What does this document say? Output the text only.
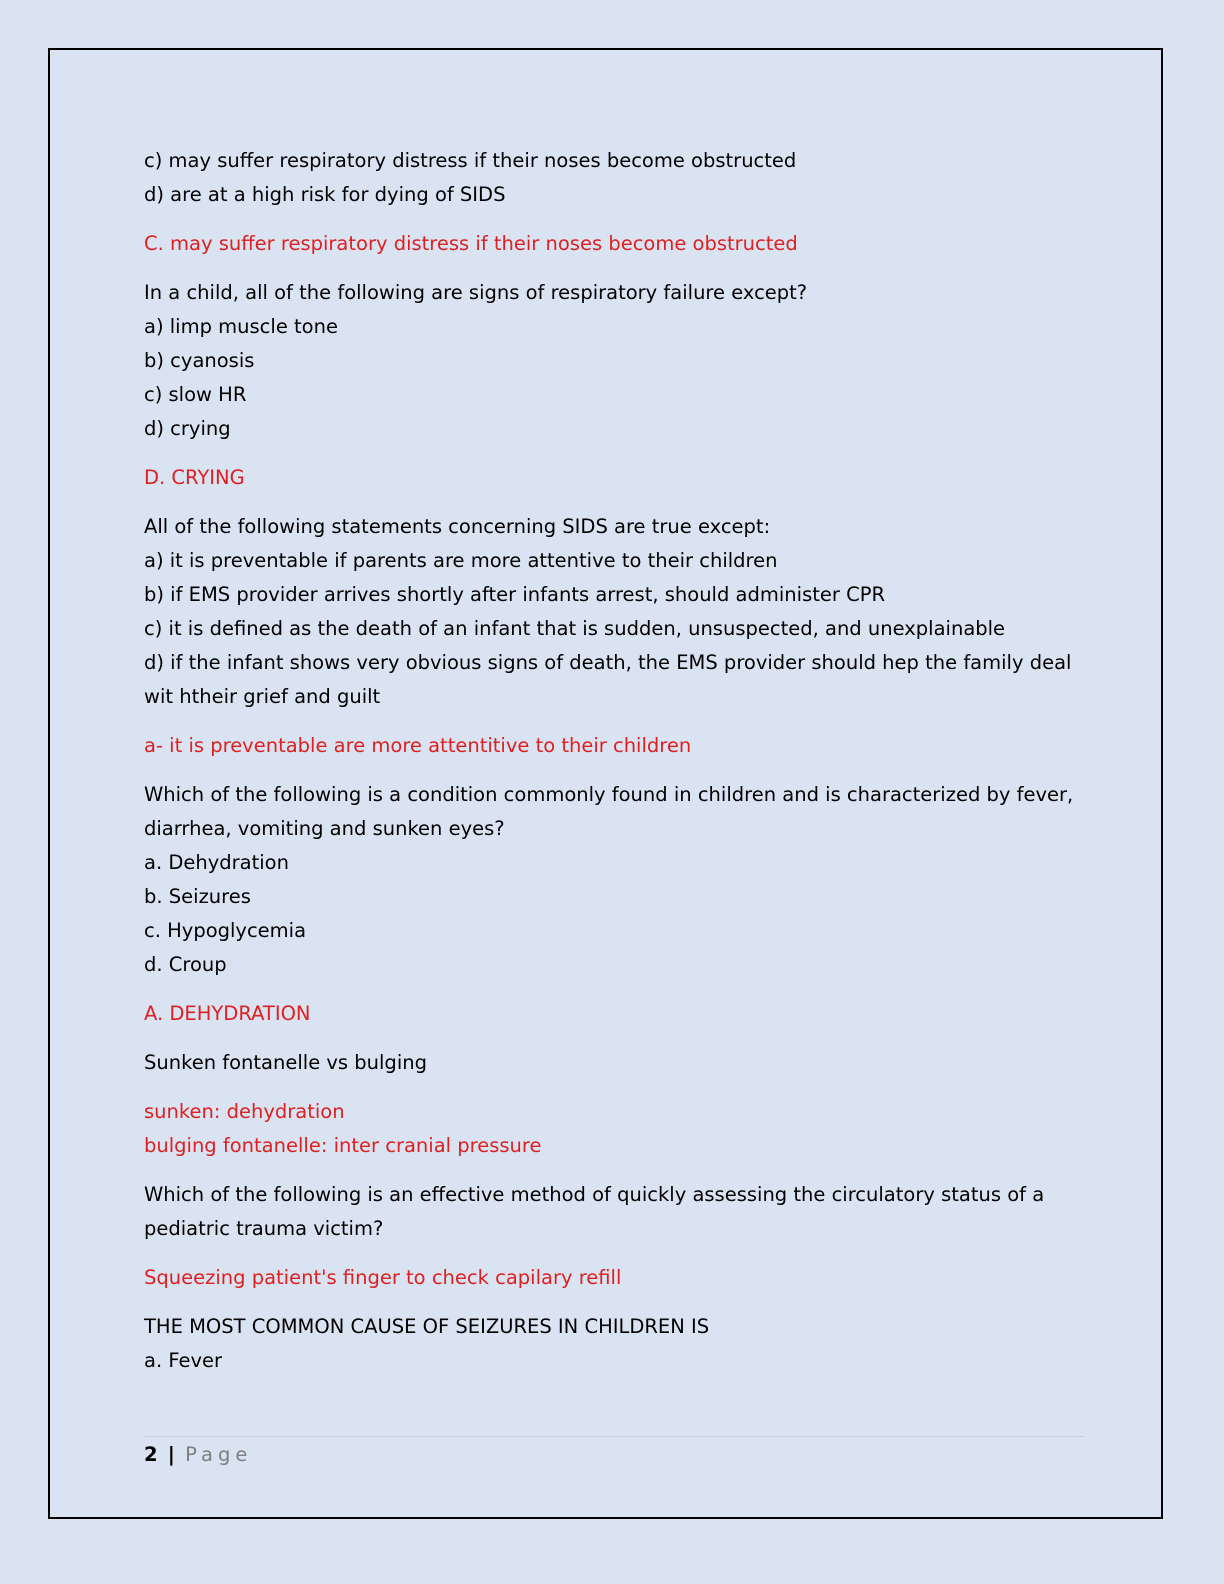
c) may suffer respiratory distress if their noses become obstructed
d) are at a high risk for dying of SIDS
C. may suffer respiratory distress if their noses become obstructed
In a child, all of the following are signs of respiratory failure except?
a) limp muscle tone
b) cyanosis
c) slow HR
d) crying
D. CRYING
All of the following statements concerning SIDS are true except:
a) it is preventable if parents are more attentive to their children
b) if EMS provider arrives shortly after infants arrest, should administer CPR
c) it is defined as the death of an infant that is sudden, unsuspected, and unexplainable
d) if the infant shows very obvious signs of death, the EMS provider should hep the family deal wit htheir grief and guilt
a- it is preventable are more attentitive to their children
Which of the following is a condition commonly found in children and is characterized by fever, diarrhea, vomiting and sunken eyes?
a. Dehydration
b. Seizures
c. Hypoglycemia
d. Croup
A. DEHYDRATION
Sunken fontanelle vs bulging
sunken: dehydration
bulging fontanelle: inter cranial pressure
Which of the following is an effective method of quickly assessing the circulatory status of a pediatric trauma victim?
Squeezing patient's finger to check capilary refill
THE MOST COMMON CAUSE OF SEIZURES IN CHILDREN IS
a. Fever
2 | Page
